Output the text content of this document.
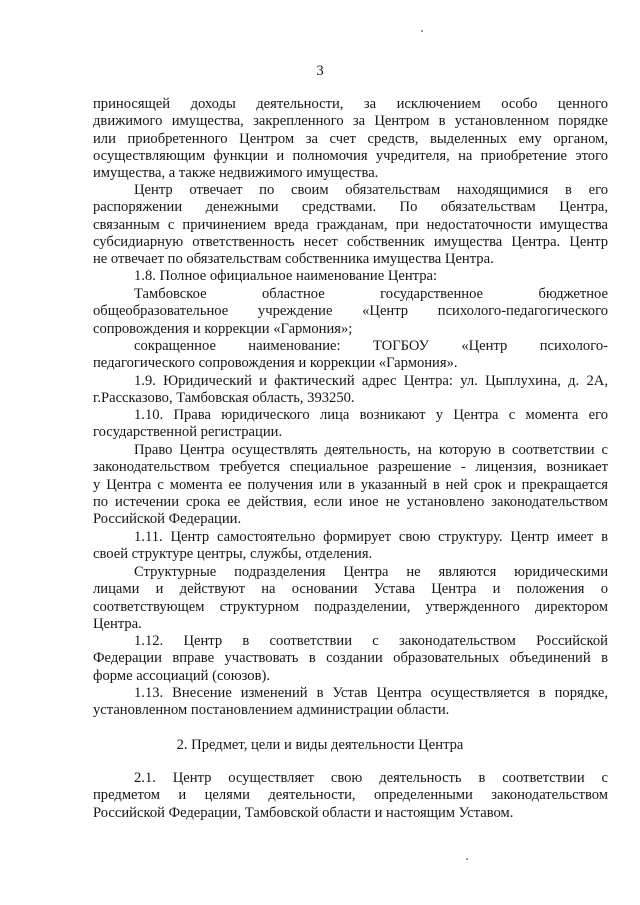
3
приносящей доходы деятельности, за исключением особо ценного
движимого имущества, закрепленного за Центром в установленном порядке
или приобретенного Центром за счет средств, выделенных ему органом,
осуществляющим функции и полномочия учредителя, на приобретение этого
имущества, а также недвижимого имущества.
Центр отвечает по своим обязательствам находящимися в его
распоряжении денежными средствами. По обязательствам Центра,
связанным с причинением вреда гражданам, при недостаточности имущества
субсидиарную ответственность несет собственник имущества Центра. Центр
не отвечает по обязательствам собственника имущества Центра.
1.8. Полное официальное наименование Центра:
Тамбовское областное государственное бюджетное
общеобразовательное учреждение «Центр психолого-педагогического
сопровождения и коррекции «Гармония»;
сокращенное наименование: ТОГБОУ «Центр психолого-
педагогического сопровождения и коррекции «Гармония».
1.9. Юридический и фактический адрес Центра: ул. Цыплухина, д. 2А,
г.Рассказово, Тамбовская область, 393250.
1.10. Права юридического лица возникают у Центра с момента его
государственной регистрации.
Право Центра осуществлять деятельность, на которую в соответствии с
законодательством требуется специальное разрешение - лицензия, возникает
у Центра с момента ее получения или в указанный в ней срок и прекращается
по истечении срока ее действия, если иное не установлено законодательством
Российской Федерации.
1.11. Центр самостоятельно формирует свою структуру. Центр имеет в
своей структуре центры, службы, отделения.
Структурные подразделения Центра не являются юридическими
лицами и действуют на основании Устава Центра и положения о
соответствующем структурном подразделении, утвержденного директором
Центра.
1.12. Центр в соответствии с законодательством Российской
Федерации вправе участвовать в создании образовательных объединений в
форме ассоциаций (союзов).
1.13. Внесение изменений в Устав Центра осуществляется в порядке,
установленном постановлением администрации области.
2. Предмет, цели и виды деятельности Центра
2.1. Центр осуществляет свою деятельность в соответствии с
предметом и целями деятельности, определенными законодательством
Российской Федерации, Тамбовской области и настоящим Уставом.
